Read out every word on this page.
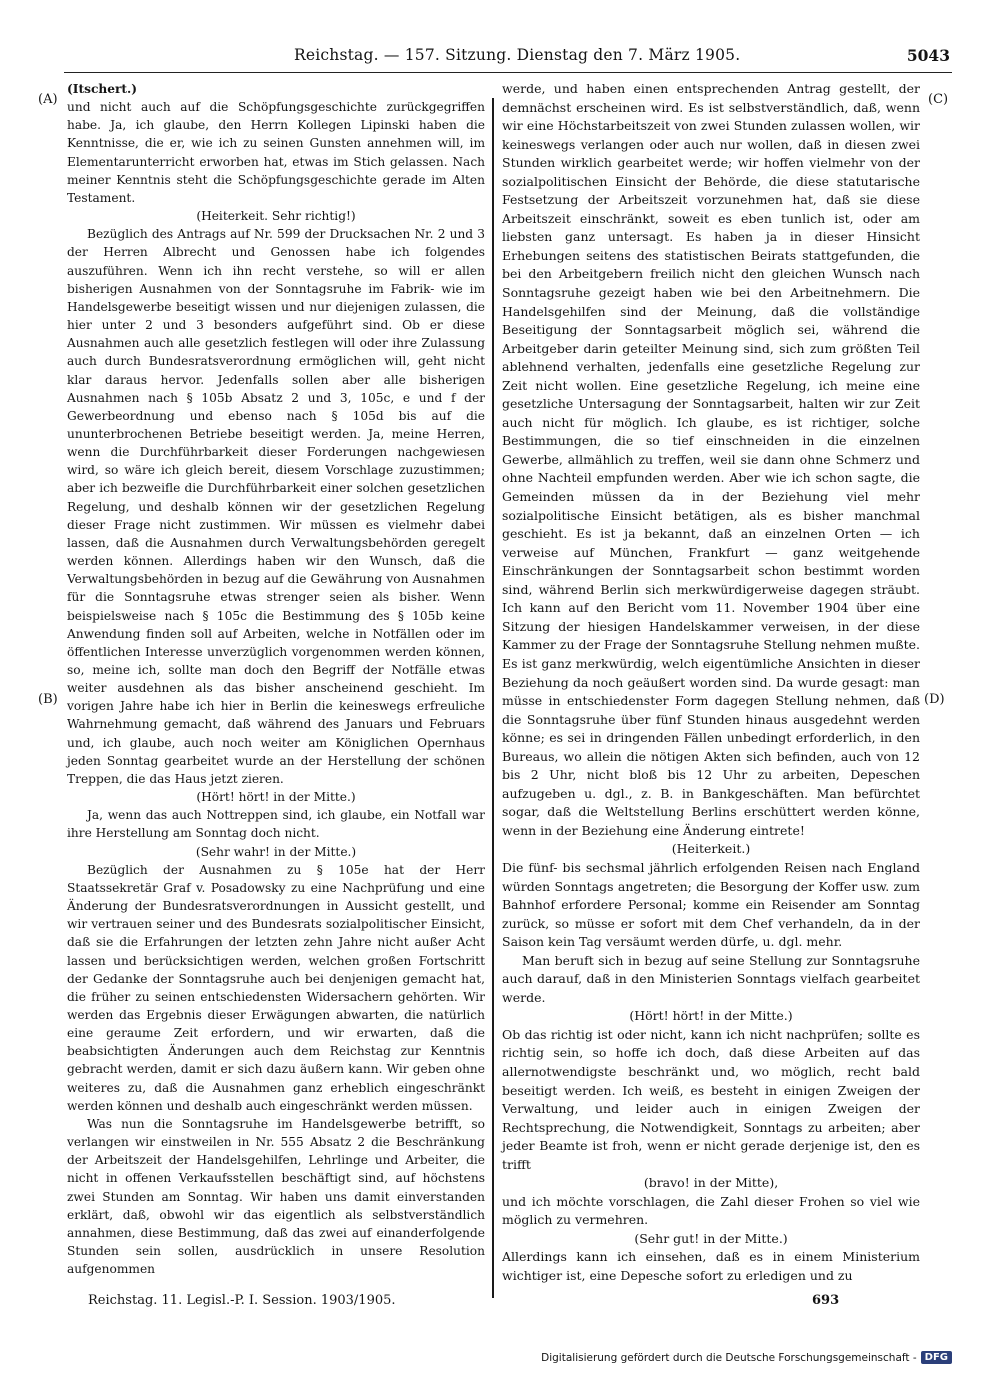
Reichstag. — 157. Sitzung. Dienstag den 7. März 1905.	5043
(A)
(B)
(C)
(D)

(Itschert.)

und nicht auch auf die Schöpfungsgeschichte zurückgegriffen habe. Ja, ich glaube, den Herrn Kollegen Lipinski haben die Kenntnisse, die er, wie ich zu seinen Gunsten annehmen will, im Elementarunterricht erworben hat, etwas im Stich gelassen. Nach meiner Kenntnis steht die Schöpfungsgeschichte gerade im Alten Testament.

(Heiterkeit. Sehr richtig!)

Bezüglich des Antrags auf Nr. 599 der Drucksachen Nr. 2 und 3 der Herren Albrecht und Genossen habe ich folgendes auszuführen. Wenn ich ihn recht verstehe, so will er allen bisherigen Ausnahmen von der Sonntagsruhe im Fabrik- wie im Handelsgewerbe beseitigt wissen und nur diejenigen zulassen, die hier unter 2 und 3 besonders aufgeführt sind. Ob er diese Ausnahmen auch alle gesetzlich festlegen will oder ihre Zulassung auch durch Bundesratsverordnung ermöglichen will, geht nicht klar daraus hervor. Jedenfalls sollen aber alle bisherigen Ausnahmen nach § 105b Absatz 2 und 3, 105c, e und f der Gewerbeordnung und ebenso nach § 105d bis auf die ununterbrochenen Betriebe beseitigt werden. Ja, meine Herren, wenn die Durchführbarkeit dieser Forderungen nachgewiesen wird, so wäre ich gleich bereit, diesem Vorschlage zuzustimmen; aber ich bezweifle die Durchführbarkeit einer solchen gesetzlichen Regelung, und deshalb können wir der gesetzlichen Regelung dieser Frage nicht zustimmen. Wir müssen es vielmehr dabei lassen, daß die Ausnahmen durch Verwaltungsbehörden geregelt werden können. Allerdings haben wir den Wunsch, daß die Verwaltungsbehörden in bezug auf die Gewährung von Ausnahmen für die Sonntagsruhe etwas strenger seien als bisher. Wenn beispielsweise nach § 105c die Bestimmung des § 105b keine Anwendung finden soll auf Arbeiten, welche in Notfällen oder im öffentlichen Interesse unverzüglich vorgenommen werden können, so, meine ich, sollte man doch den Begriff der Notfälle etwas weiter ausdehnen als das bisher anscheinend geschieht. Im vorigen Jahre habe ich hier in Berlin die keineswegs erfreuliche Wahrnehmung gemacht, daß während des Januars und Februars und, ich glaube, auch noch weiter am Königlichen Opernhaus jeden Sonntag gearbeitet wurde an der Herstellung der schönen Treppen, die das Haus jetzt zieren.

(Hört! hört! in der Mitte.)

Ja, wenn das auch Nottreppen sind, ich glaube, ein Notfall war ihre Herstellung am Sonntag doch nicht.

(Sehr wahr! in der Mitte.)

Bezüglich der Ausnahmen zu § 105e hat der Herr Staatssekretär Graf v. Posadowsky zu eine Nachprüfung und eine Änderung der Bundesratsverordnungen in Aussicht gestellt, und wir vertrauen seiner und des Bundesrats sozialpolitischer Einsicht, daß sie die Erfahrungen der letzten zehn Jahre nicht außer Acht lassen und berücksichtigen werden, welchen großen Fortschritt der Gedanke der Sonntagsruhe auch bei denjenigen gemacht hat, die früher zu seinen entschiedensten Widersachern gehörten. Wir werden das Ergebnis dieser Erwägungen abwarten, die natürlich eine geraume Zeit erfordern, und wir erwarten, daß die beabsichtigten Änderungen auch dem Reichstag zur Kenntnis gebracht werden, damit er sich dazu äußern kann. Wir geben ohne weiteres zu, daß die Ausnahmen ganz erheblich eingeschränkt werden können und deshalb auch eingeschränkt werden müssen.

Was nun die Sonntagsruhe im Handelsgewerbe betrifft, so verlangen wir einstweilen in Nr. 555 Absatz 2 die Beschränkung der Arbeitszeit der Handelsgehilfen, Lehrlinge und Arbeiter, die nicht in offenen Verkaufsstellen beschäftigt sind, auf höchstens zwei Stunden am Sonntag. Wir haben uns damit einverstanden erklärt, daß, obwohl wir das eigentlich als selbstverständlich annahmen, diese Bestimmung, daß das zwei auf einanderfolgende Stunden sein sollen, ausdrücklich in unsere Resolution aufgenommen

werde, und haben einen entsprechenden Antrag gestellt, der demnächst erscheinen wird. Es ist selbstverständlich, daß, wenn wir eine Höchstarbeitszeit von zwei Stunden zulassen wollen, wir keineswegs verlangen oder auch nur wollen, daß in diesen zwei Stunden wirklich gearbeitet werde; wir hoffen vielmehr von der sozialpolitischen Einsicht der Behörde, die diese statutarische Festsetzung der Arbeitszeit vorzunehmen hat, daß sie diese Arbeitszeit einschränkt, soweit es eben tunlich ist, oder am liebsten ganz untersagt. Es haben ja in dieser Hinsicht Erhebungen seitens des statistischen Beirats stattgefunden, die bei den Arbeitgebern freilich nicht den gleichen Wunsch nach Sonntagsruhe gezeigt haben wie bei den Arbeitnehmern. Die Handelsgehilfen sind der Meinung, daß die vollständige Beseitigung der Sonntagsarbeit möglich sei, während die Arbeitgeber darin geteilter Meinung sind, sich zum größten Teil ablehnend verhalten, jedenfalls eine gesetzliche Regelung zur Zeit nicht wollen. Eine gesetzliche Regelung, ich meine eine gesetzliche Untersagung der Sonntagsarbeit, halten wir zur Zeit auch nicht für möglich. Ich glaube, es ist richtiger, solche Bestimmungen, die so tief einschneiden in die einzelnen Gewerbe, allmählich zu treffen, weil sie dann ohne Schmerz und ohne Nachteil empfunden werden. Aber wie ich schon sagte, die Gemeinden müssen da in der Beziehung viel mehr sozialpolitische Einsicht betätigen, als es bisher manchmal geschieht. Es ist ja bekannt, daß an einzelnen Orten — ich verweise auf München, Frankfurt — ganz weitgehende Einschränkungen der Sonntagsarbeit schon bestimmt worden sind, während Berlin sich merkwürdigerweise dagegen sträubt. Ich kann auf den Bericht vom 11. November 1904 über eine Sitzung der hiesigen Handelskammer verweisen, in der diese Kammer zu der Frage der Sonntagsruhe Stellung nehmen mußte. Es ist ganz merkwürdig, welch eigentümliche Ansichten in dieser Beziehung da noch geäußert worden sind. Da wurde gesagt: man müsse in entschiedenster Form dagegen Stellung nehmen, daß die Sonntagsruhe über fünf Stunden hinaus ausgedehnt werden könne; es sei in dringenden Fällen unbedingt erforderlich, in den Bureaus, wo allein die nötigen Akten sich befinden, auch von 12 bis 2 Uhr, nicht bloß bis 12 Uhr zu arbeiten, Depeschen aufzugeben u. dgl., z. B. in Bankgeschäften. Man befürchtet sogar, daß die Weltstellung Berlins erschüttert werden könne, wenn in der Beziehung eine Änderung eintrete!

(Heiterkeit.)

Die fünf- bis sechsmal jährlich erfolgenden Reisen nach England würden Sonntags angetreten; die Besorgung der Koffer usw. zum Bahnhof erfordere Personal; komme ein Reisender am Sonntag zurück, so müsse er sofort mit dem Chef verhandeln, da in der Saison kein Tag versäumt werden dürfe, u. dgl. mehr.

Man beruft sich in bezug auf seine Stellung zur Sonntagsruhe auch darauf, daß in den Ministerien Sonntags vielfach gearbeitet werde.

(Hört! hört! in der Mitte.)

Ob das richtig ist oder nicht, kann ich nicht nachprüfen; sollte es richtig sein, so hoffe ich doch, daß diese Arbeiten auf das allernotwendigste beschränkt und, wo möglich, recht bald beseitigt werden. Ich weiß, es besteht in einigen Zweigen der Verwaltung, und leider auch in einigen Zweigen der Rechtsprechung, die Notwendigkeit, Sonntags zu arbeiten; aber jeder Beamte ist froh, wenn er nicht gerade derjenige ist, den es trifft

(bravo! in der Mitte),

und ich möchte vorschlagen, die Zahl dieser Frohen so viel wie möglich zu vermehren.

(Sehr gut! in der Mitte.)

Allerdings kann ich einsehen, daß es in einem Ministerium wichtiger ist, eine Depesche sofort zu erledigen und zu

Reichstag. 11. Legisl.-P. I. Session. 1903/1905.	693
Digitalisierung gefördert durch die Deutsche Forschungsgemeinschaft - DFG
